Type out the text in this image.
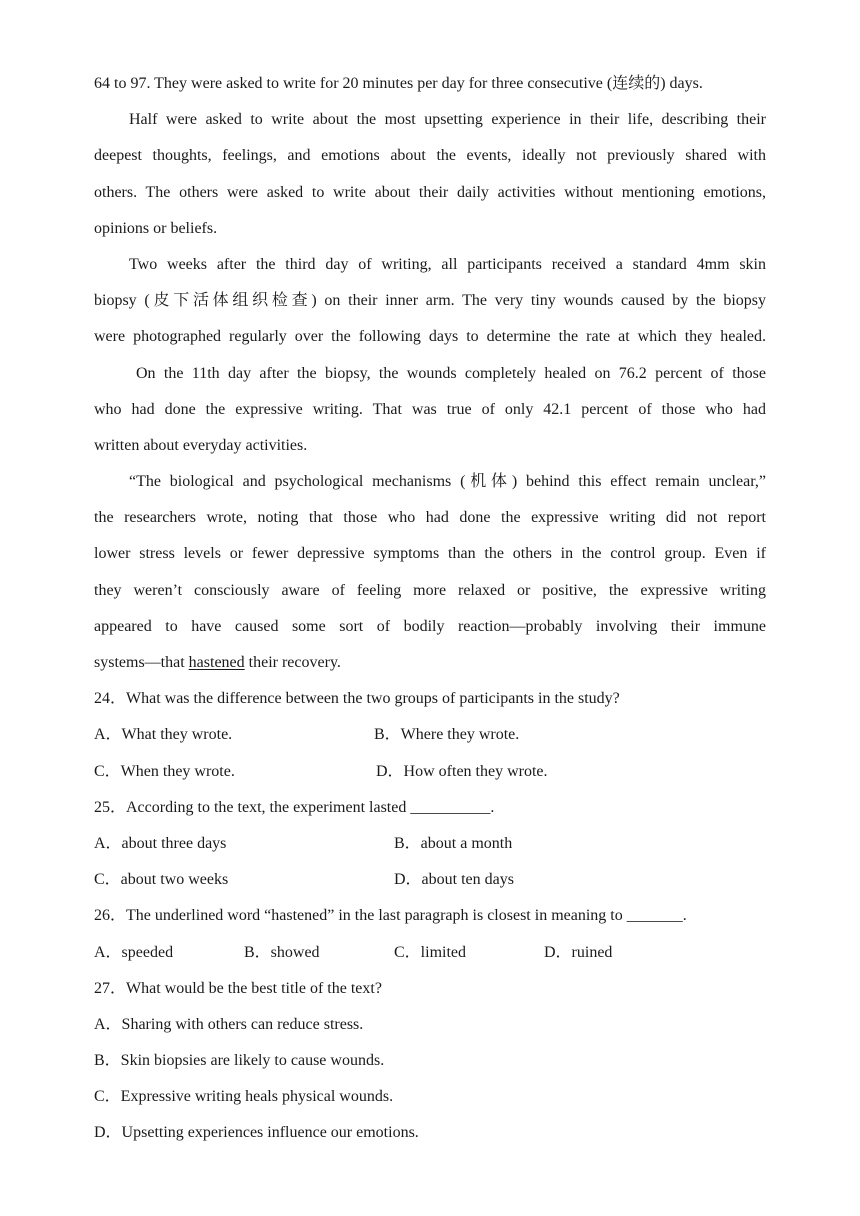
64 to 97. They were asked to write for 20 minutes per day for three consecutive (连续的) days.
Half were asked to write about the most upsetting experience in their life, describing their
deepest thoughts, feelings, and emotions about the events, ideally not previously shared with
others. The others were asked to write about their daily activities without mentioning emotions,
opinions or beliefs.
Two weeks after the third day of writing, all participants received a standard 4mm skin
biopsy (皮下活体组织检查) on their inner arm. The very tiny wounds caused by the biopsy
were photographed regularly over the following days to determine the rate at which they healed.
On the 11th day after the biopsy, the wounds completely healed on 76.2 percent of those
who had done the expressive writing. That was true of only 42.1 percent of those who had
written about everyday activities.
“The biological and psychological mechanisms (机体) behind this effect remain unclear,”
the researchers wrote, noting that those who had done the expressive writing did not report
lower stress levels or fewer depressive symptoms than the others in the control group. Even if
they weren’t consciously aware of feeling more relaxed or positive, the expressive writing
appeared to have caused some sort of bodily reaction—probably involving their immune
systems—that hastened their recovery.
24．What was the difference between the two groups of participants in the study?
A．What they wrote.	B．Where they wrote.
C．When they wrote.	D．How often they wrote.
25．According to the text, the experiment lasted __________.
A．about three days	B．about a month
C．about two weeks	D．about ten days
26．The underlined word “hastened” in the last paragraph is closest in meaning to _______.
A．speeded	B．showed	C．limited	D．ruined
27．What would be the best title of the text?
A．Sharing with others can reduce stress.
B．Skin biopsies are likely to cause wounds.
C．Expressive writing heals physical wounds.
D．Upsetting experiences influence our emotions.
